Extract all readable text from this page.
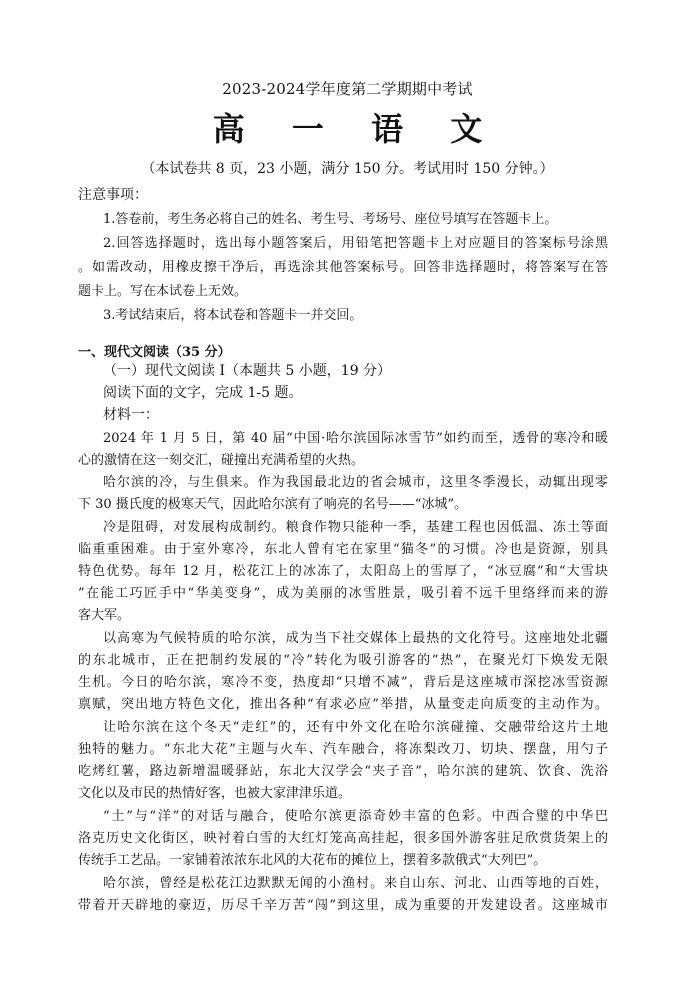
2023-2024学年度第二学期期中考试
高 一 语 文
（本试卷共 8 页，23 小题，满分 150 分。考试用时 150 分钟。）
注意事项：
1.答卷前，考生务必将自己的姓名、考生号、考场号、座位号填写在答题卡上。
2.回答选择题时，选出每小题答案后，用铅笔把答题卡上对应题目的答案标号涂黑
。如需改动，用橡皮擦干净后，再选涂其他答案标号。回答非选择题时，将答案写在答
题卡上。写在本试卷上无效。
3.考试结束后，将本试卷和答题卡一并交回。
一、现代文阅读（35 分）
（一）现代文阅读 I（本题共 5 小题，19 分）
阅读下面的文字，完成 1-5 题。
材料一：
2024 年 1 月 5 日，第 40 届“中国·哈尔滨国际冰雪节”如约而至，透骨的寒冷和暖
心的激情在这一刻交汇，碰撞出充满希望的火热。
哈尔滨的冷，与生俱来。作为我国最北边的省会城市，这里冬季漫长，动辄出现零
下 30 摄氏度的极寒天气，因此哈尔滨有了响亮的名号——“冰城”。
冷是阻碍，对发展构成制约。粮食作物只能种一季，基建工程也因低温、冻土等面
临重重困难。由于室外寒冷，东北人曾有宅在家里“猫冬”的习惯。冷也是资源，别具
特色优势。每年 12 月，松花江上的冰冻了，太阳岛上的雪厚了，“冰豆腐”和“大雪块
”在能工巧匠手中“华美变身”，成为美丽的冰雪胜景，吸引着不远千里络绎而来的游
客大军。
以高寒为气候特质的哈尔滨，成为当下社交媒体上最热的文化符号。这座地处北疆
的东北城市，正在把制约发展的“冷”转化为吸引游客的“热”，在聚光灯下焕发无限
生机。今日的哈尔滨，寒冷不变，热度却“只增不减”，背后是这座城市深挖冰雪资源
禀赋，突出地方特色文化，推出各种“有求必应”举措，从量变走向质变的主动作为。
让哈尔滨在这个冬天“走红”的，还有中外文化在哈尔滨碰撞、交融带给这片土地
独特的魅力。“东北大花”主题与火车、汽车融合，将冻梨改刀、切块、摆盘，用勺子
吃烤红薯，路边新增温暖驿站，东北大汉学会“夹子音”，哈尔滨的建筑、饮食、洗浴
文化以及市民的热情好客，也被大家津津乐道。
“土”与“洋”的对话与融合，使哈尔滨更添奇妙丰富的色彩。中西合璧的中华巴
洛克历史文化街区，映衬着白雪的大红灯笼高高挂起，很多国外游客驻足欣赏货架上的
传统手工艺品。一家铺着浓浓东北风的大花布的摊位上，摆着多款俄式“大列巴”。
哈尔滨，曾经是松花江边默默无闻的小渔村。来自山东、河北、山西等地的百姓，
带着开天辟地的豪迈，历尽千辛万苦“闯”到这里，成为重要的开发建设者。这座城市
